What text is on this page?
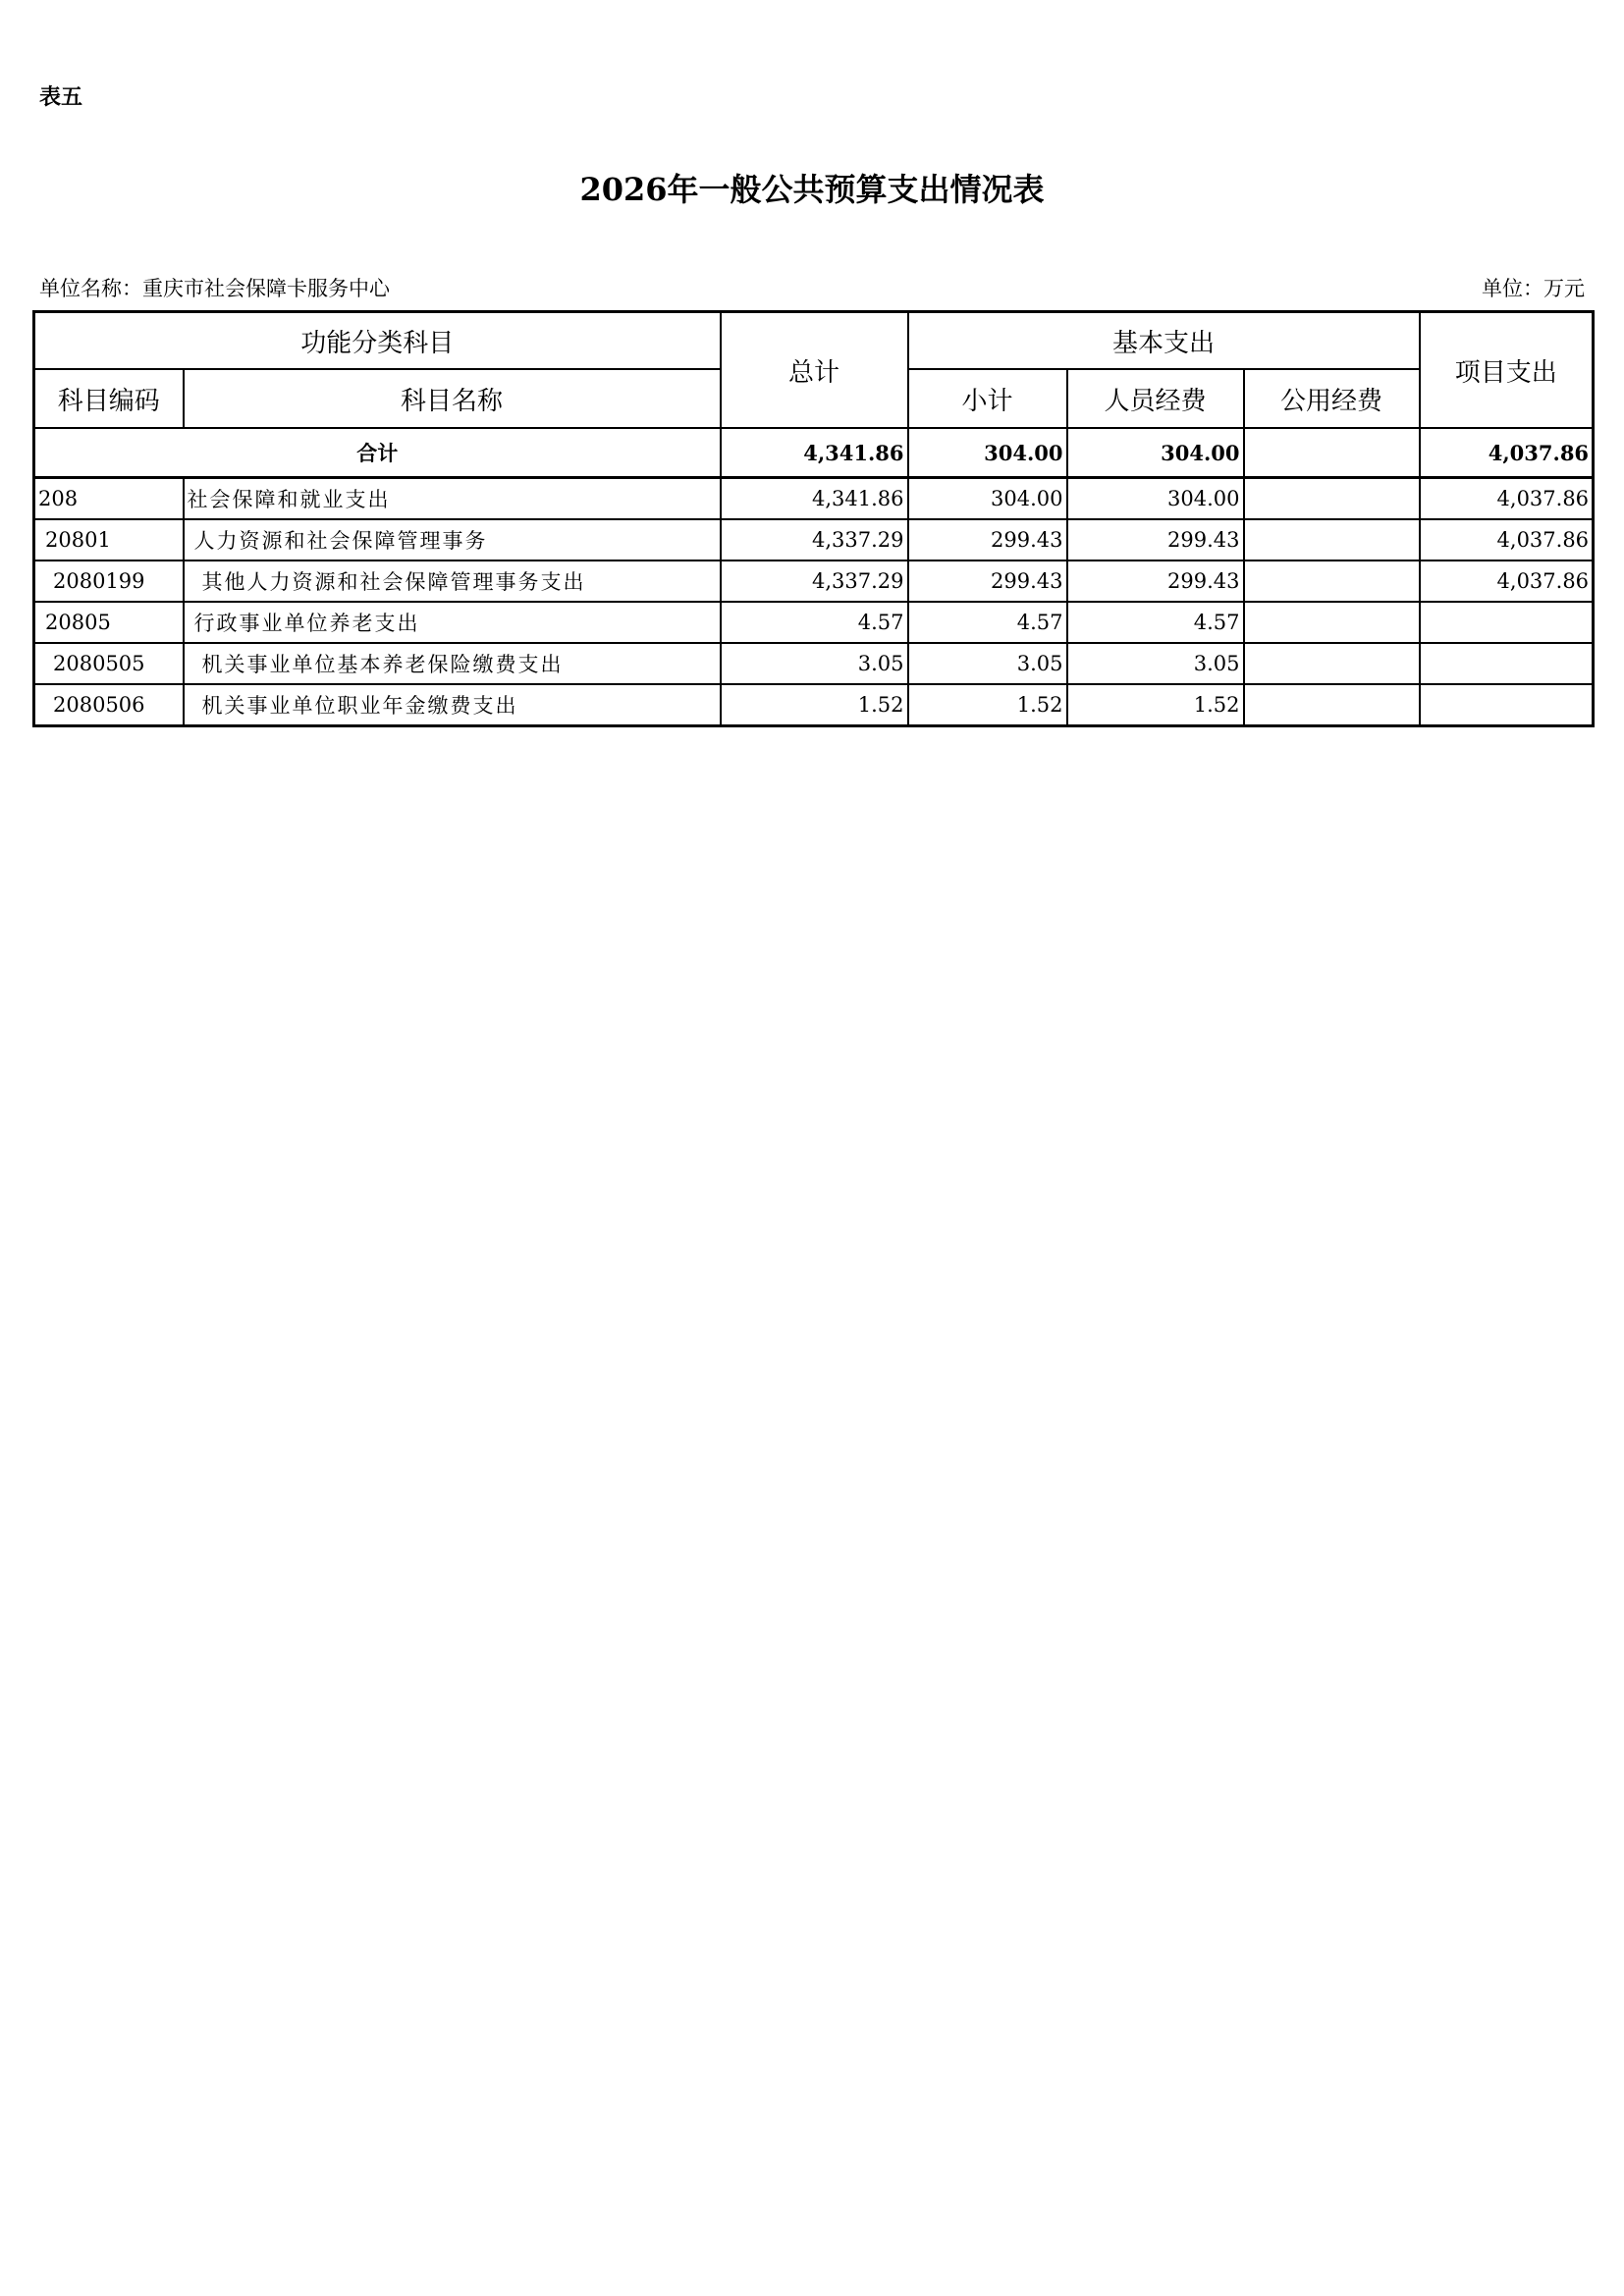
表五
2026年一般公共预算支出情况表
单位名称：重庆市社会保障卡服务中心	单位：万元
功能分类科目		总计	基本支出			项目支出
科目编码	科目名称		小计	人员经费	公用经费	
合计		4,341.86	304.00	304.00		4,037.86
208	社会保障和就业支出	4,341.86	304.00	304.00		4,037.86
20801	人力资源和社会保障管理事务	4,337.29	299.43	299.43		4,037.86
2080199	其他人力资源和社会保障管理事务支出	4,337.29	299.43	299.43		4,037.86
20805	行政事业单位养老支出	4.57	4.57	4.57		
2080505	机关事业单位基本养老保险缴费支出	3.05	3.05	3.05		
2080506	机关事业单位职业年金缴费支出	1.52	1.52	1.52		
